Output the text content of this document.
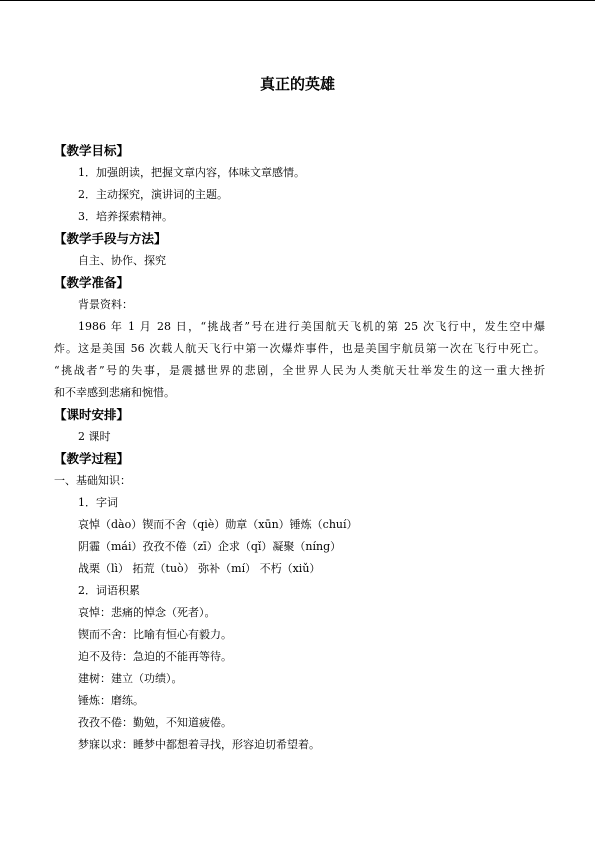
真正的英雄
【教学目标】
1．加强朗读，把握文章内容，体味文章感情。
2．主动探究，演讲词的主题。
3．培养探索精神。
【教学手段与方法】
自主、协作、探究
【教学准备】
背景资料：
1986 年 1 月 28 日，“挑战者”号在进行美国航天飞机的第 25 次飞行中，发生空中爆
炸。这是美国 56 次载人航天飞行中第一次爆炸事件，也是美国宇航员第一次在飞行中死亡。
“挑战者”号的失事，是震撼世界的悲剧，全世界人民为人类航天壮举发生的这一重大挫折
和不幸感到悲痛和惋惜。
【课时安排】
2 课时
【教学过程】
一、基础知识：
1．字词
哀悼（dào）锲而不舍（qiè）勋章（xūn）锤炼（chuí）
阴霾（mái）孜孜不倦（zī）企求（qǐ）凝聚（níng）
战栗（lì） 拓荒（tuò） 弥补（mí） 不朽（xiǔ）
2．词语积累
哀悼：悲痛的悼念（死者）。
锲而不舍：比喻有恒心有毅力。
迫不及待：急迫的不能再等待。
建树：建立（功绩）。
锤炼：磨练。
孜孜不倦：勤勉，不知道疲倦。
梦寐以求：睡梦中都想着寻找，形容迫切希望着。
